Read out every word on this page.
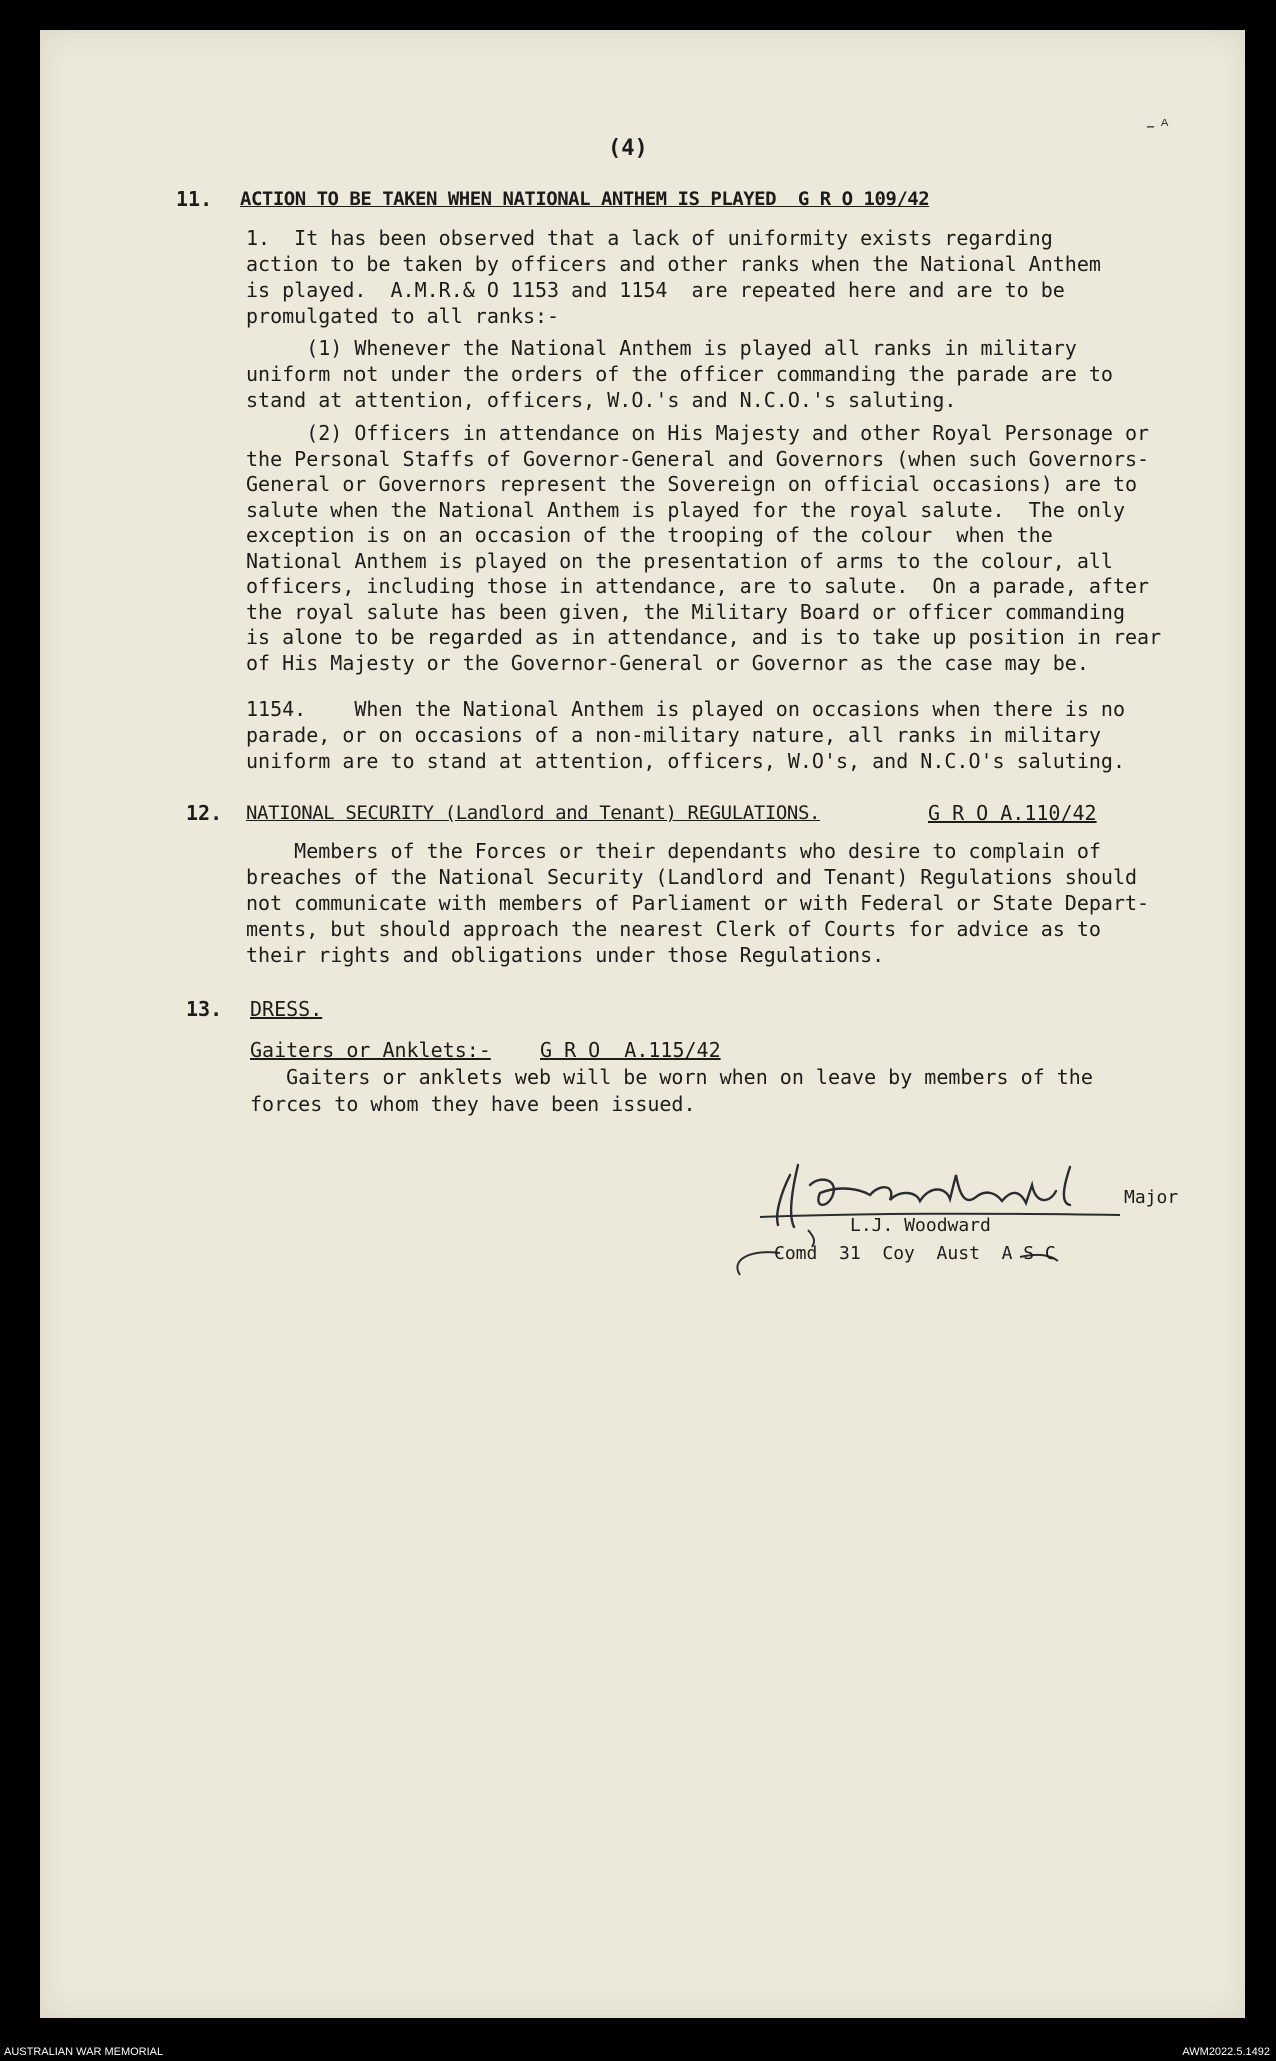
(4)
– ᴬ
11. ACTION TO BE TAKEN WHEN NATIONAL ANTHEM IS PLAYED  G R O 109/42
1.  It has been observed that a lack of uniformity exists regarding
action to be taken by officers and other ranks when the National Anthem
is played.  A.M.R.& O 1153 and 1154  are repeated here and are to be
promulgated to all ranks:-
(1) Whenever the National Anthem is played all ranks in military
uniform not under the orders of the officer commanding the parade are to
stand at attention, officers, W.O.'s and N.C.O.'s saluting.
(2) Officers in attendance on His Majesty and other Royal Personage or
the Personal Staffs of Governor-General and Governors (when such Governors-
General or Governors represent the Sovereign on official occasions) are to
salute when the National Anthem is played for the royal salute.  The only
exception is on an occasion of the trooping of the colour  when the
National Anthem is played on the presentation of arms to the colour, all
officers, including those in attendance, are to salute.  On a parade, after
the royal salute has been given, the Military Board or officer commanding
is alone to be regarded as in attendance, and is to take up position in rear
of His Majesty or the Governor-General or Governor as the case may be.
1154.    When the National Anthem is played on occasions when there is no
parade, or on occasions of a non-military nature, all ranks in military
uniform are to stand at attention, officers, W.O's, and N.C.O's saluting.
12. NATIONAL SECURITY (Landlord and Tenant) REGULATIONS.	G R O A.110/42
Members of the Forces or their dependants who desire to complain of
breaches of the National Security (Landlord and Tenant) Regulations should
not communicate with members of Parliament or with Federal or State Depart-
ments, but should approach the nearest Clerk of Courts for advice as to
their rights and obligations under those Regulations.
13. DRESS.
Gaiters or Anklets:- G R O  A.115/42
Gaiters or anklets web will be worn when on leave by members of the
forces to whom they have been issued.
Major
L.J. Woodward
Comd  31  Coy  Aust  A S C
AUSTRALIAN WAR MEMORIAL	AWM2022.5.1492
